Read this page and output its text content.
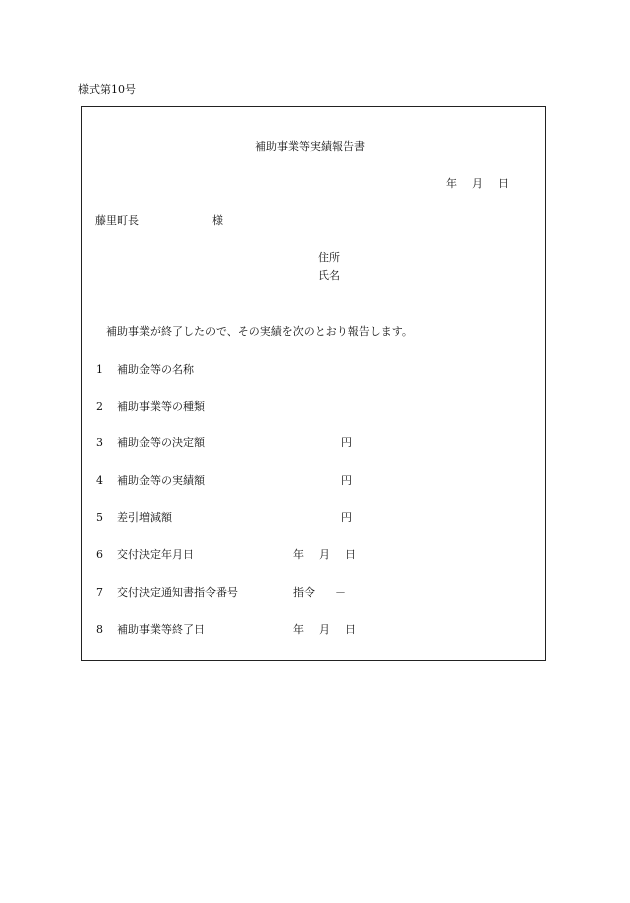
様式第10号
補助事業等実績報告書
年 月 日
藤里町長	様
住所
氏名
補助事業が終了したので、その実績を次のとおり報告します。
1 補助金等の名称
2 補助事業等の種類
3 補助金等の決定額	円
4 補助金等の実績額	円
5 差引増減額	円
6 交付決定年月日	年 月 日
7 交付決定通知書指令番号	指令 －
8 補助事業等終了日	年 月 日
